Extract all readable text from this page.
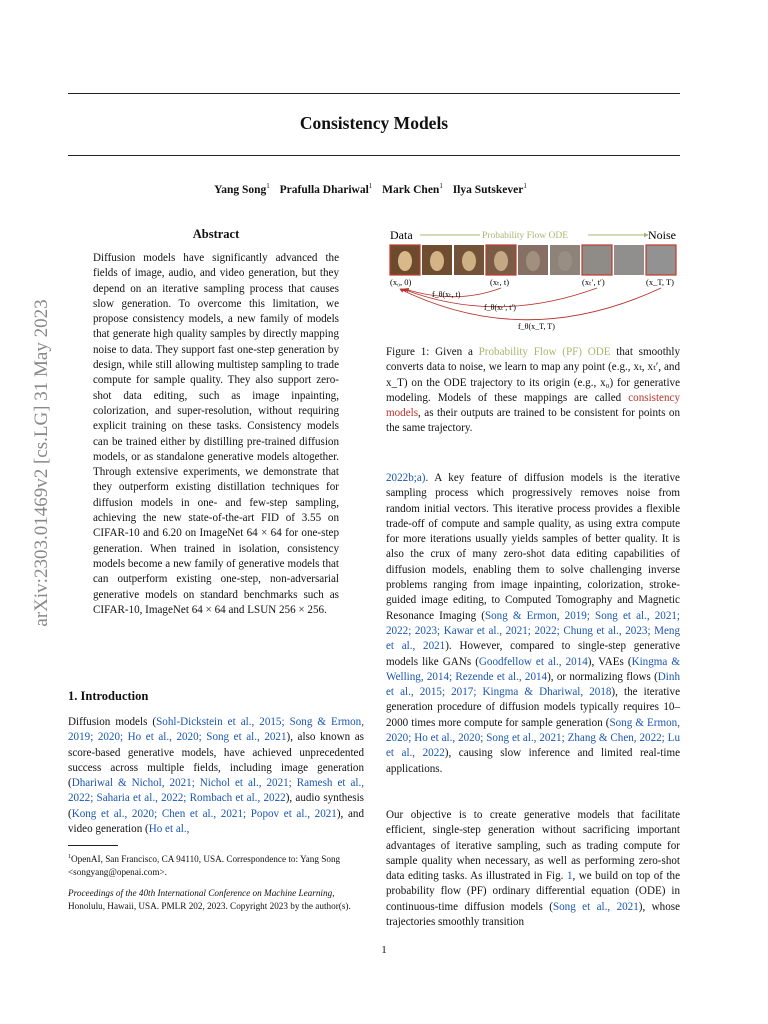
Consistency Models
Yang Song$^1$ Prafulla Dhariwal$^1$ Mark Chen$^1$ Ilya Sutskever$^1$
arXiv:2303.01469v2 [cs.LG] 31 May 2023
Abstract

Diffusion models have significantly advanced the fields of image, audio, and video generation, but they depend on an iterative sampling process that causes slow generation. To overcome this limitation, we propose consistency models, a new family of models that generate high quality samples by directly mapping noise to data. They support fast one-step generation by design, while still allowing multistep sampling to trade compute for sample quality. They also support zero-shot data editing, such as image inpainting, colorization, and super-resolution, without requiring explicit training on these tasks. Consistency models can be trained either by distilling pre-trained diffusion models, or as standalone generative models altogether. Through extensive experiments, we demonstrate that they outperform existing distillation techniques for diffusion models in one- and few-step sampling, achieving the new state-of-the-art FID of 3.55 on CIFAR-10 and 6.20 on ImageNet 64 × 64 for one-step generation. When trained in isolation, consistency models become a new family of generative models that can outperform existing one-step, non-adversarial generative models on standard benchmarks such as CIFAR-10, ImageNet 64 × 64 and LSUN 256 × 256.

1. Introduction

Diffusion models (Sohl-Dickstein et al., 2015; Song & Ermon, 2019; 2020; Ho et al., 2020; Song et al., 2021), also known as score-based generative models, have achieved unprecedented success across multiple fields, including image generation (Dhariwal & Nichol, 2021; Nichol et al., 2021; Ramesh et al., 2022; Saharia et al., 2022; Rombach et al., 2022), audio synthesis (Kong et al., 2020; Chen et al., 2021; Popov et al., 2021), and video generation (Ho et al.,

$^1$OpenAI, San Francisco, CA 94110, USA. Correspondence to: Yang Song <songyang@openai.com>.
Proceedings of the 40th International Conference on Machine Learning, Honolulu, Hawaii, USA. PMLR 202, 2023. Copyright 2023 by the author(s).
Data	Probability Flow ODE	Noise
(x₀, 0)	(xₜ, t)	(xₜ′, t′)	(x_T, T)
f_θ(xₜ, t)
f_θ(xₜ′, t′)
f_θ(x_T, T)

Figure 1: Given a Probability Flow (PF) ODE that smoothly converts data to noise, we learn to map any point (e.g., xₜ, xₜ′, and x_T) on the ODE trajectory to its origin (e.g., x₀) for generative modeling. Models of these mappings are called consistency models, as their outputs are trained to be consistent for points on the same trajectory.

2022b;a). A key feature of diffusion models is the iterative sampling process which progressively removes noise from random initial vectors. This iterative process provides a flexible trade-off of compute and sample quality, as using extra compute for more iterations usually yields samples of better quality. It is also the crux of many zero-shot data editing capabilities of diffusion models, enabling them to solve challenging inverse problems ranging from image inpainting, colorization, stroke-guided image editing, to Computed Tomography and Magnetic Resonance Imaging (Song & Ermon, 2019; Song et al., 2021; 2022; 2023; Kawar et al., 2021; 2022; Chung et al., 2023; Meng et al., 2021). However, compared to single-step generative models like GANs (Goodfellow et al., 2014), VAEs (Kingma & Welling, 2014; Rezende et al., 2014), or normalizing flows (Dinh et al., 2015; 2017; Kingma & Dhariwal, 2018), the iterative generation procedure of diffusion models typically requires 10–2000 times more compute for sample generation (Song & Ermon, 2020; Ho et al., 2020; Song et al., 2021; Zhang & Chen, 2022; Lu et al., 2022), causing slow inference and limited real-time applications.

Our objective is to create generative models that facilitate efficient, single-step generation without sacrificing important advantages of iterative sampling, such as trading compute for sample quality when necessary, as well as performing zero-shot data editing tasks. As illustrated in Fig. 1, we build on top of the probability flow (PF) ordinary differential equation (ODE) in continuous-time diffusion models (Song et al., 2021), whose trajectories smoothly transition

1
